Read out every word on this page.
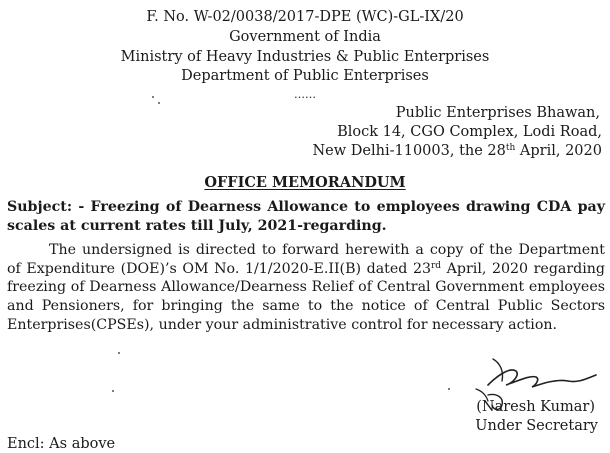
F. No. W-02/0038/2017-DPE (WC)-GL-IX/20
Government of India
Ministry of Heavy Industries & Public Enterprises
Department of Public Enterprises
……
Public Enterprises Bhawan,
Block 14, CGO Complex, Lodi Road,
New Delhi-110003, the 28th April, 2020
OFFICE MEMORANDUM
Subject: - Freezing of Dearness Allowance to employees drawing CDA pay scales at current rates till July, 2021-regarding.
The undersigned is directed to forward herewith a copy of the Department of Expenditure (DOE)’s OM No. 1/1/2020-E.II(B) dated 23rd April, 2020 regarding freezing of Dearness Allowance/Dearness Relief of Central Government employees and Pensioners, for bringing the same to the notice of Central Public Sectors Enterprises(CPSEs), under your administrative control for necessary action.
(Naresh Kumar)
Under Secretary
Encl: As above
